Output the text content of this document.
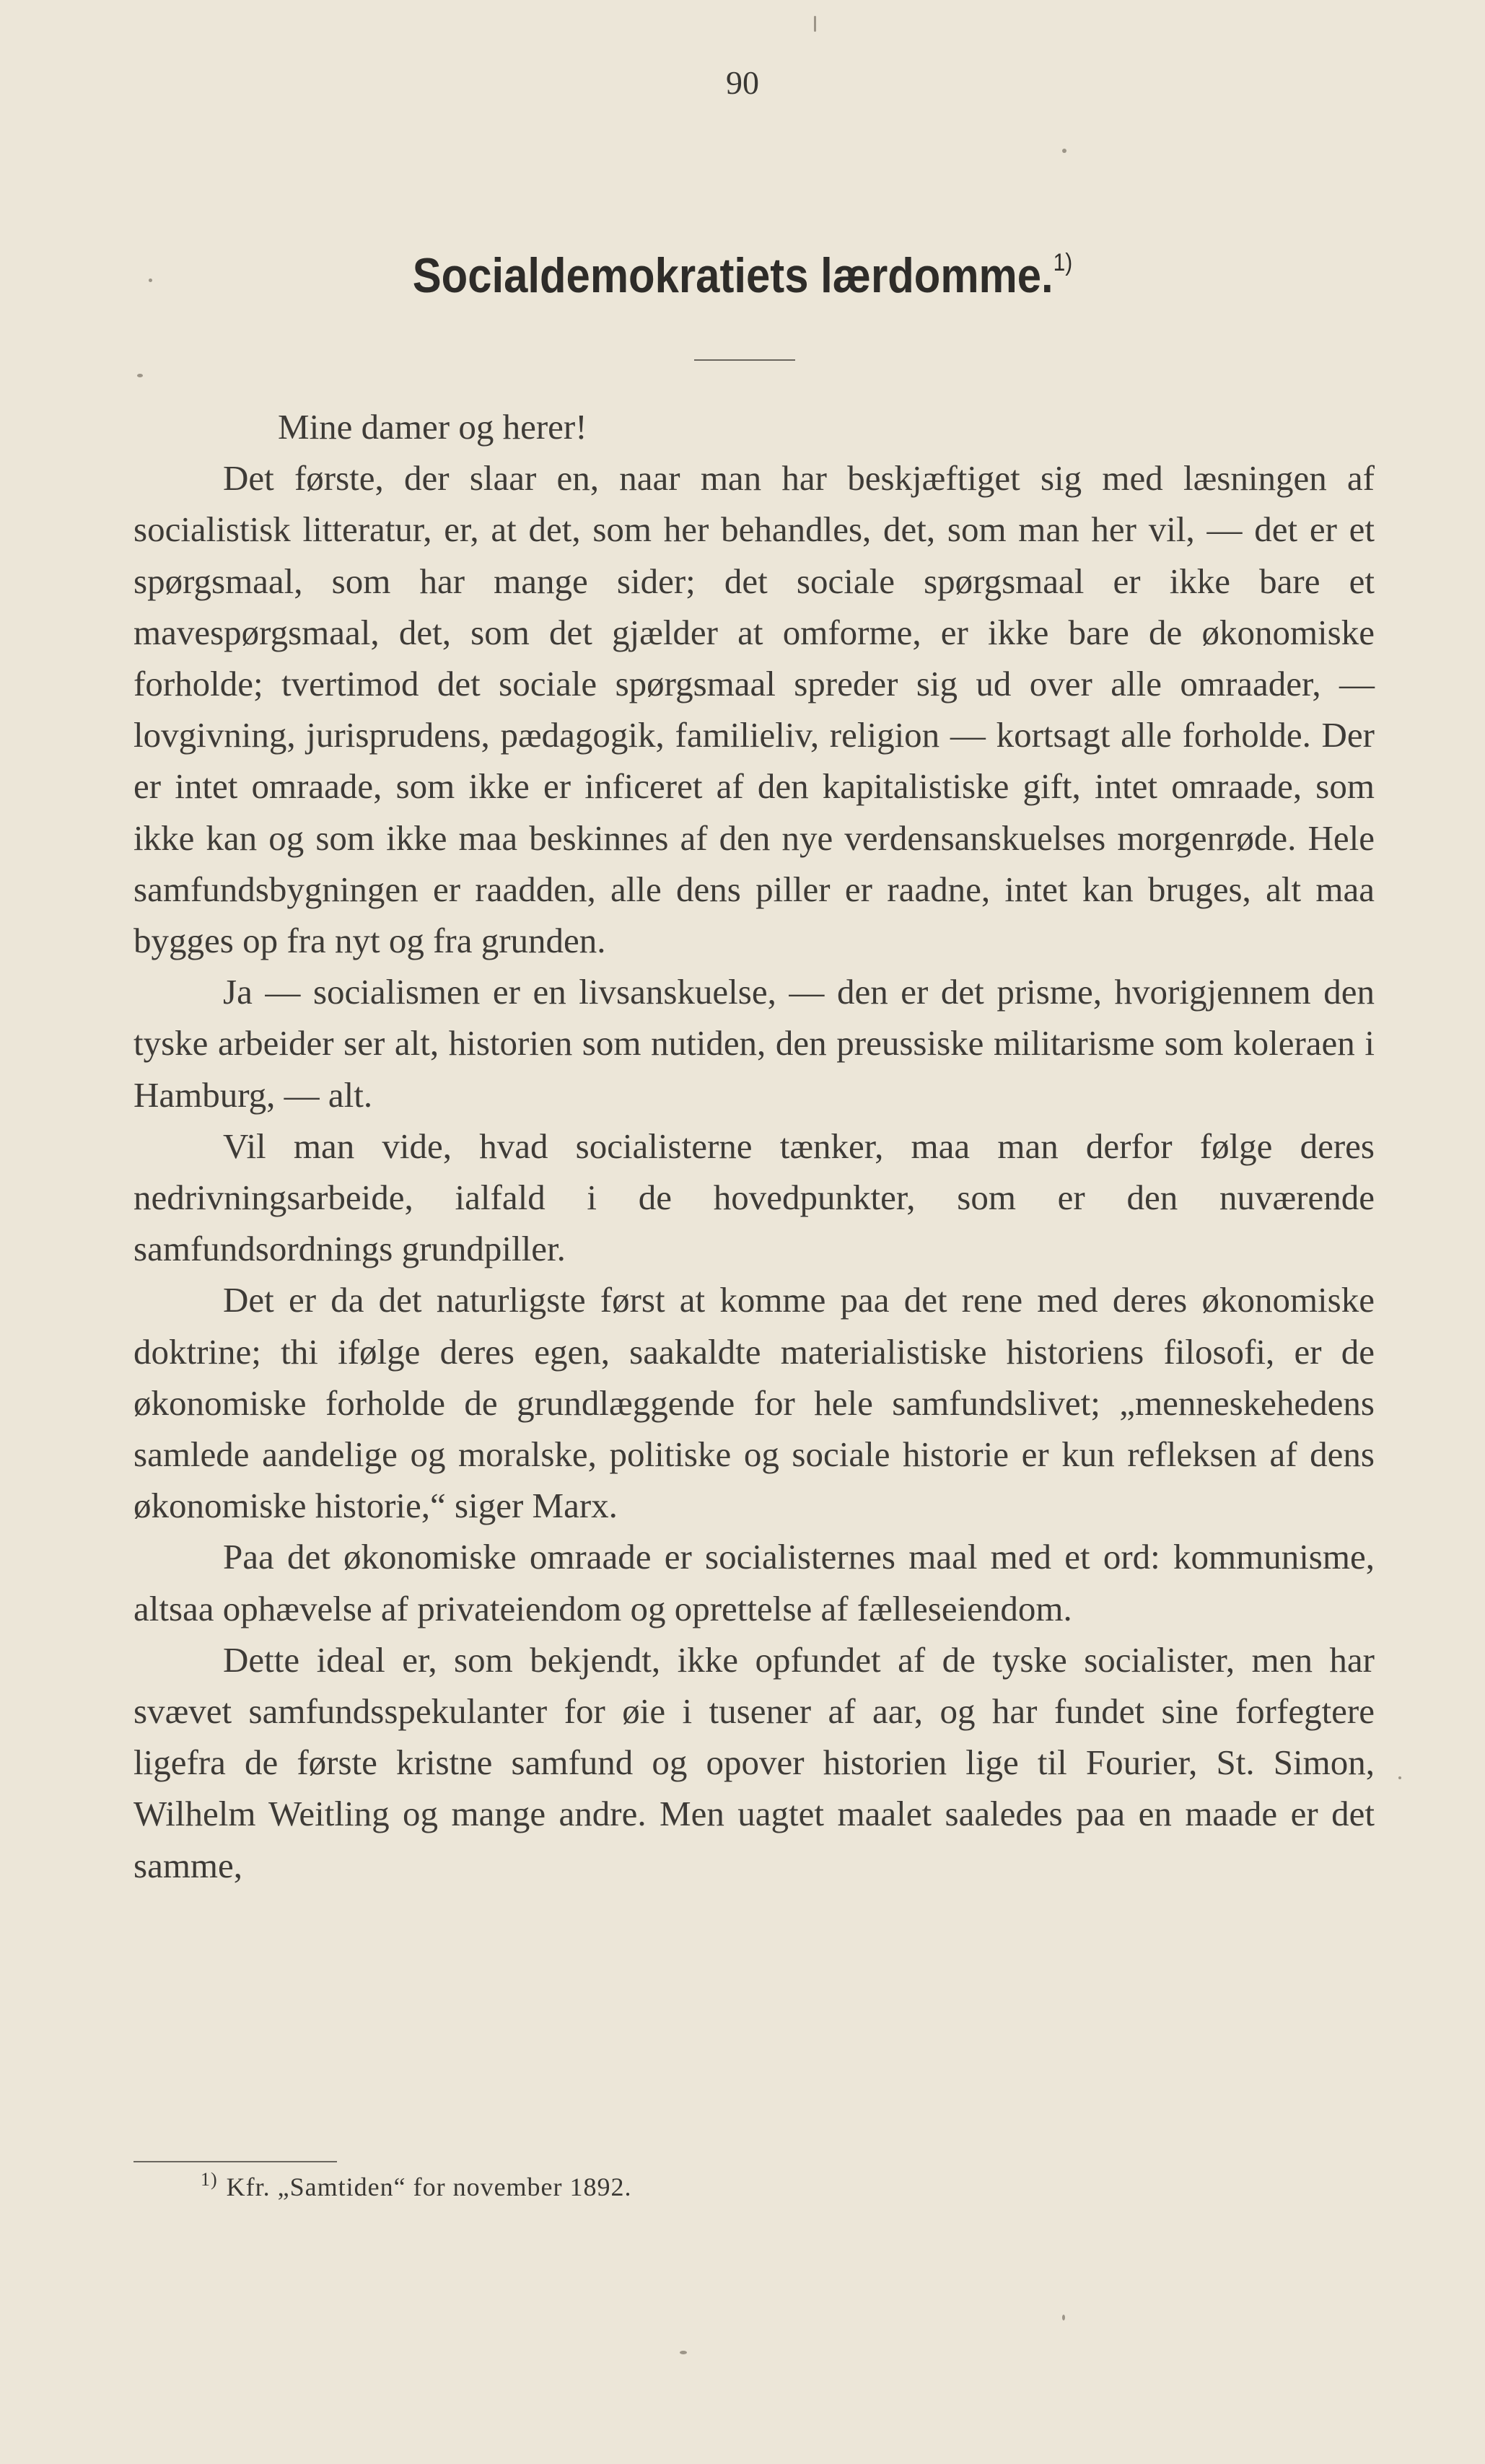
90
Socialdemokratiets lærdomme.$^{1)}$

Mine damer og herer!

Det første, der slaar en, naar man har beskjæftiget sig med læsningen af socialistisk litteratur, er, at det, som her behandles, det, som man her vil, — det er et spørgsmaal, som har mange sider; det sociale spørgsmaal er ikke bare et mavespørgsmaal, det, som det gjælder at omforme, er ikke bare de økonomiske forholde; tvertimod det sociale spørgsmaal spreder sig ud over alle omraader, — lovgivning, jurisprudens, pædagogik, familieliv, religion — kortsagt alle forholde. Der er intet omraade, som ikke er inficeret af den kapitalistiske gift, intet omraade, som ikke kan og som ikke maa beskinnes af den nye verdensanskuelses morgenrøde. Hele samfundsbygningen er raadden, alle dens piller er raadne, intet kan bruges, alt maa bygges op fra nyt og fra grunden.

Ja — socialismen er en livsanskuelse, — den er det prisme, hvorigjennem den tyske arbeider ser alt, historien som nutiden, den preussiske militarisme som koleraen i Hamburg, — alt.

Vil man vide, hvad socialisterne tænker, maa man derfor følge deres nedrivningsarbeide, ialfald i de hovedpunkter, som er den nuværende samfundsordnings grundpiller.

Det er da det naturligste først at komme paa det rene med deres økonomiske doktrine; thi ifølge deres egen, saakaldte materialistiske historiens filosofi, er de økonomiske forholde de grundlæggende for hele samfundslivet; „menneskehedens samlede aandelige og moralske, politiske og sociale historie er kun refleksen af dens økonomiske historie,“ siger Marx.

Paa det økonomiske omraade er socialisternes maal med et ord: kommunisme, altsaa ophævelse af privateiendom og oprettelse af fælleseiendom.

Dette ideal er, som bekjendt, ikke opfundet af de tyske socialister, men har svævet samfundsspekulanter for øie i tusener af aar, og har fundet sine forfegtere ligefra de første kristne samfund og opover historien lige til Fourier, St. Simon, Wilhelm Weitling og mange andre. Men uagtet maalet saaledes paa en maade er det samme,

$^{1)}$ Kfr. „Samtiden“ for november 1892.
